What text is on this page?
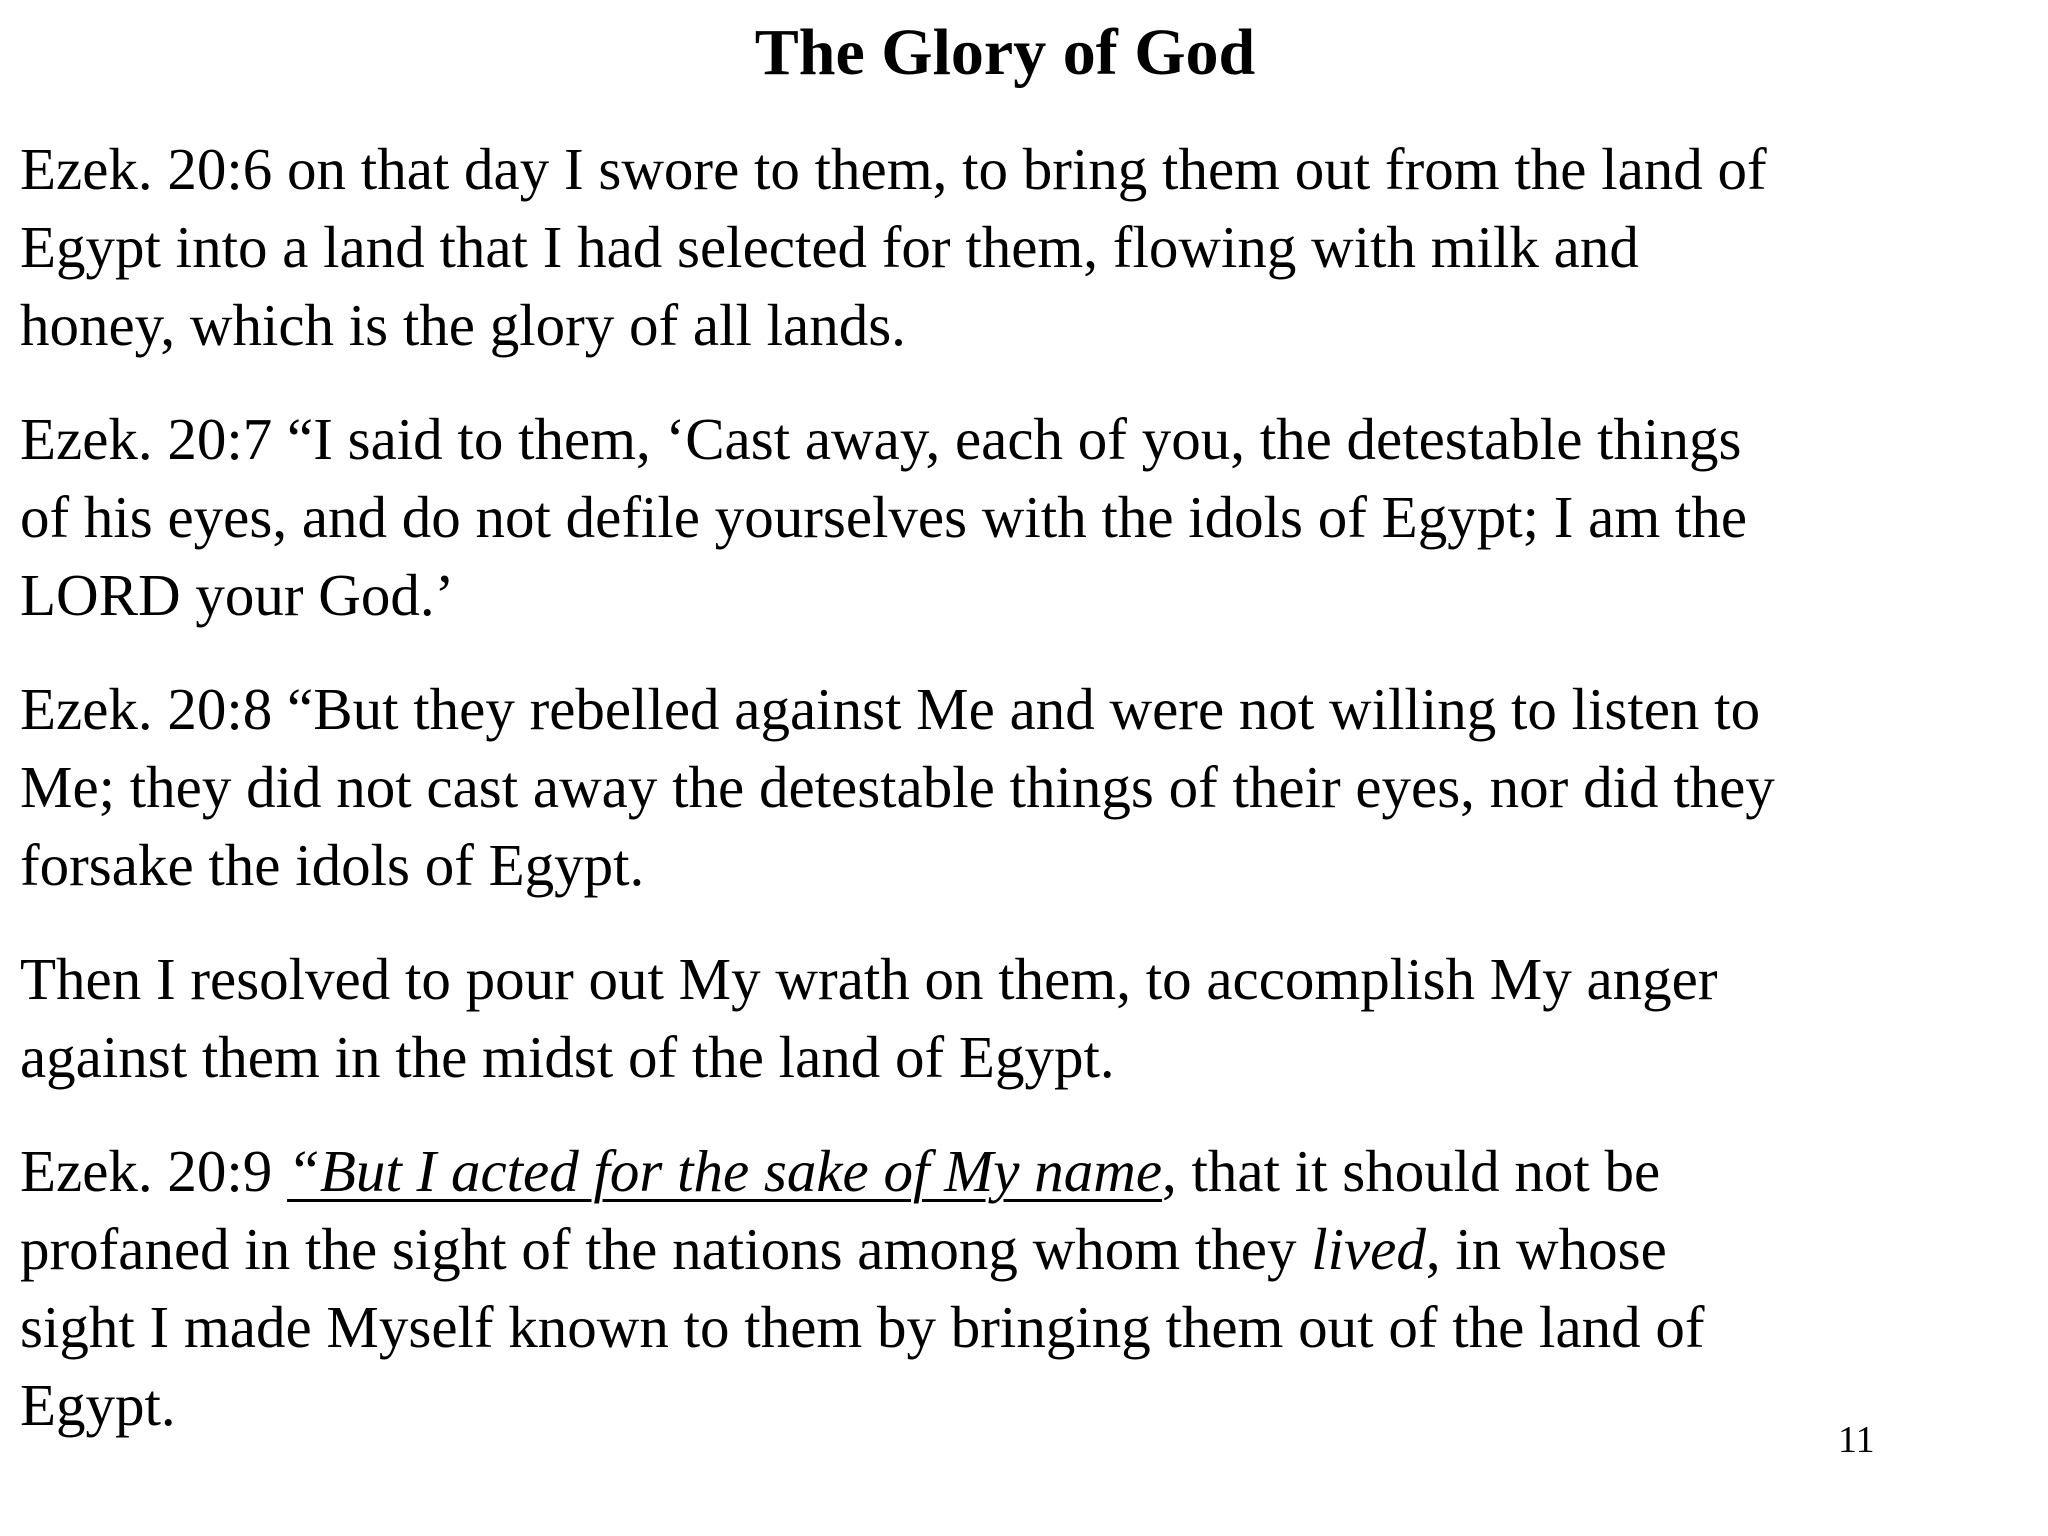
The Glory of God

Ezek. 20:6 on that day I swore to them, to bring them out from the land of
Egypt into a land that I had selected for them, flowing with milk and
honey, which is the glory of all lands.

Ezek. 20:7 “I said to them, ‘Cast away, each of you, the detestable things
of his eyes, and do not defile yourselves with the idols of Egypt; I am the
LORD your God.’

Ezek. 20:8 “But they rebelled against Me and were not willing to listen to
Me; they did not cast away the detestable things of their eyes, nor did they
forsake the idols of Egypt.

Then I resolved to pour out My wrath on them, to accomplish My anger
against them in the midst of the land of Egypt.

Ezek. 20:9 “But I acted for the sake of My name, that it should not be
profaned in the sight of the nations among whom they lived, in whose
sight I made Myself known to them by bringing them out of the land of
Egypt.

11
